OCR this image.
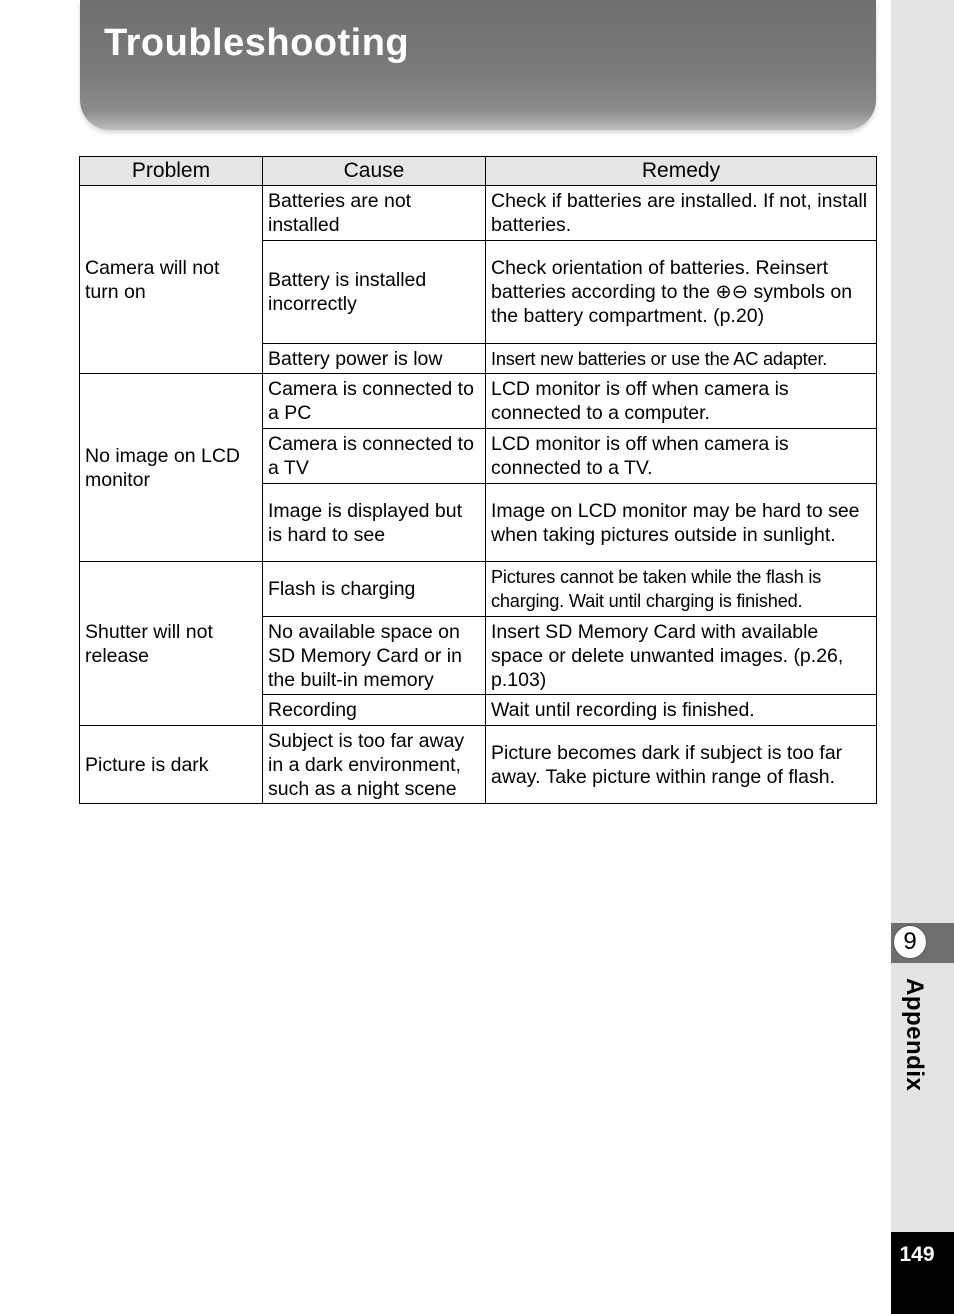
Troubleshooting
9
Appendix
149
Problem	Cause	Remedy
Camera will not turn on	Batteries are not installed	Check if batteries are installed. If not, install batteries.
	Battery is installed incorrectly	Check orientation of batteries. Reinsert batteries according to the ⊕⊖ symbols on the battery compartment. (p.20)
	Battery power is low	Insert new batteries or use the AC adapter.
No image on LCD monitor	Camera is connected to a PC	LCD monitor is off when camera is connected to a computer.
	Camera is connected to a TV	LCD monitor is off when camera is connected to a TV.
	Image is displayed but is hard to see	Image on LCD monitor may be hard to see when taking pictures outside in sunlight.
Shutter will not release	Flash is charging	Pictures cannot be taken while the flash is charging. Wait until charging is finished.
	No available space on SD Memory Card or in the built-in memory	Insert SD Memory Card with available space or delete unwanted images. (p.26, p.103)
	Recording	Wait until recording is finished.
Picture is dark	Subject is too far away in a dark environment, such as a night scene	Picture becomes dark if subject is too far away. Take picture within range of flash.
